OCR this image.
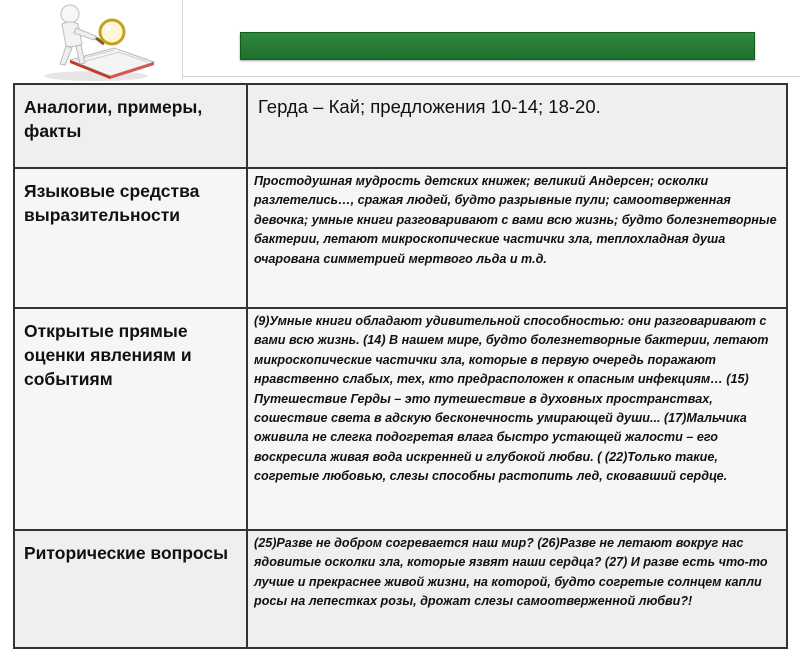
Аналогии, примеры, факты	Герда – Кай; предложения 10-14; 18-20.
Языковые средства выразительности	Простодушная мудрость детских книжек; великий Андерсен; осколки разлетелись…, сражая людей, будто разрывные пули; самоотверженная девочка; умные книги разговаривают с вами всю жизнь; будто болезнетворные бактерии, летают микроскопические частички зла, теплохладная душа очарована симметрией мертвого льда и т.д.
Открытые прямые оценки явлениям и событиям	(9)Умные книги обладают удивительной способностью: они разговаривают с вами всю жизнь. (14) В нашем мире, будто болезнетворные бактерии, летают микроскопические частички зла, которые в первую очередь поражают нравственно слабых, тех, кто предрасположен к опасным инфекциям… (15) Путешествие Герды – это путешествие в духовных пространствах, сошествие света в адскую бесконечность умирающей души... (17)Мальчика оживила не слегка подогретая влага быстро устающей жалости – его воскресила живая вода искренней и глубокой любви. ( (22)Только такие, согретые любовью, слезы способны растопить лед, сковавший сердце.
Риторические вопросы	(25)Разве не добром согревается наш мир? (26)Разве не летают вокруг нас ядовитые осколки зла, которые язвят наши сердца? (27) И разве есть что-то лучше и прекраснее живой жизни, на которой, будто согретые солнцем капли росы на лепестках розы, дрожат слезы самоотверженной любви?!
